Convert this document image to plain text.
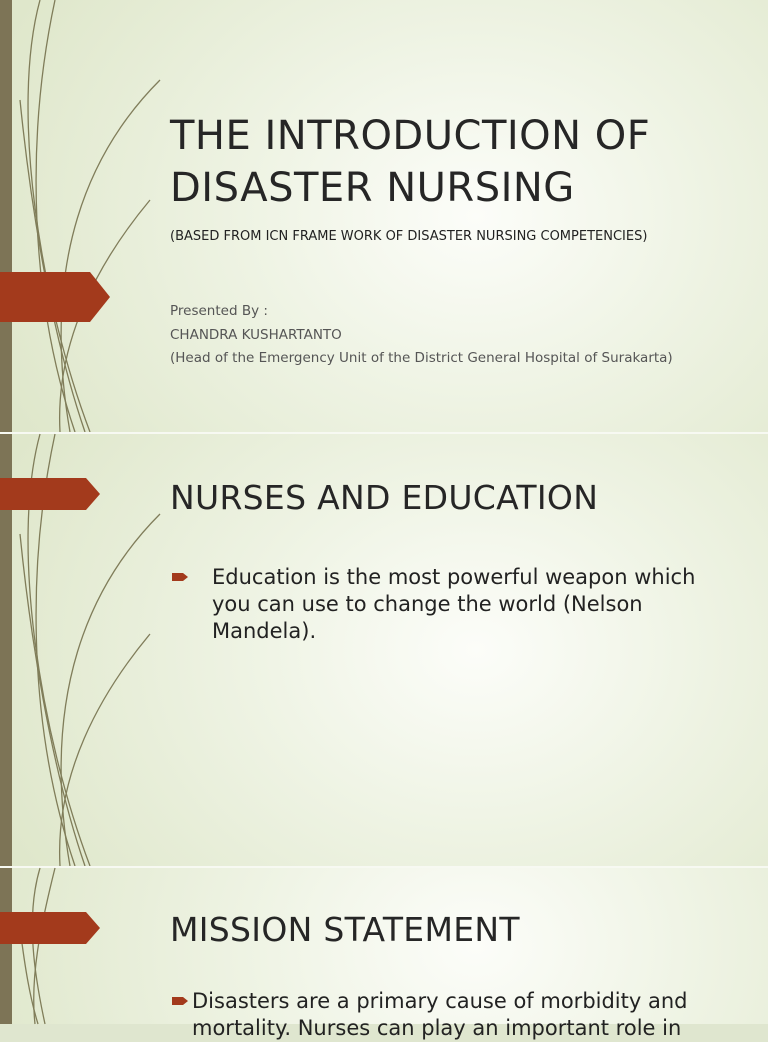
THE INTRODUCTION OF
DISASTER NURSING
(BASED FROM ICN FRAME WORK OF DISASTER NURSING COMPETENCIES)
Presented By :
CHANDRA KUSHARTANTO
(Head of the Emergency Unit of the District General Hospital of Surakarta)
NURSES AND EDUCATION
Education is the most powerful weapon which
you can use to change the world (Nelson
Mandela).
MISSION STATEMENT
Disasters are a primary cause of morbidity and
mortality. Nurses can play an important role in
